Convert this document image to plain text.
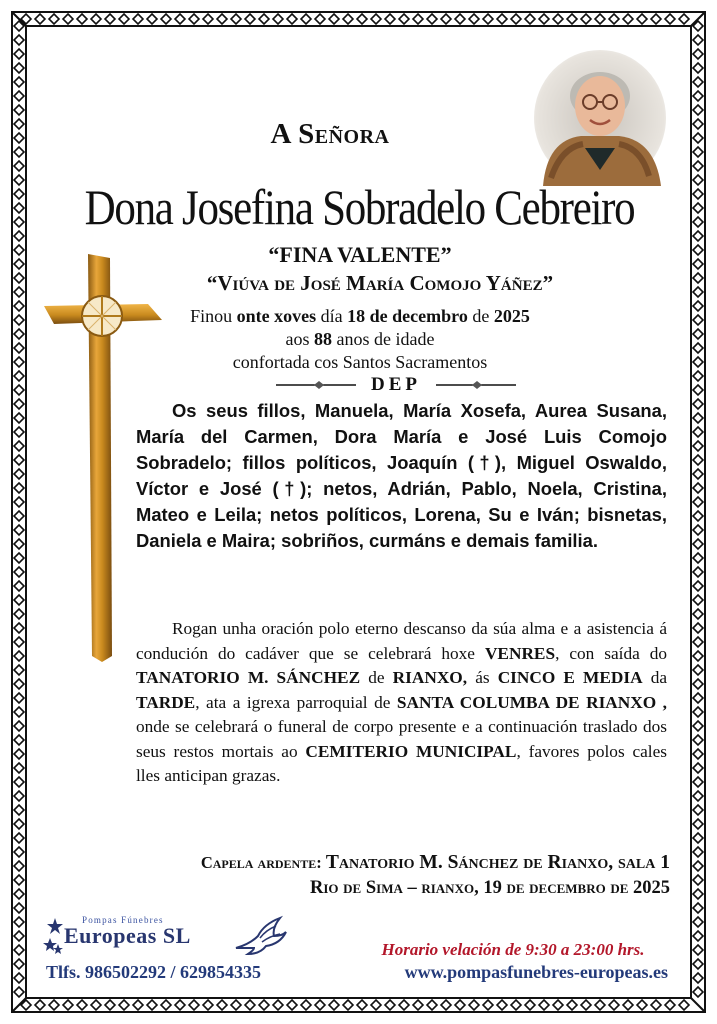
A Señora
Dona Josefina Sobradelo Cebreiro
“FINA VALENTE”
“Viúva de José María Comojo Yáñez”
Finou onte xoves día 18 de decembro de 2025
aos 88 anos de idade
confortada cos Santos Sacramentos
DEP
Os seus fillos, Manuela, María Xosefa, Aurea Susana, María del Carmen, Dora María e José Luis Comojo Sobradelo; fillos políticos, Joaquín (†), Miguel Oswaldo, Víctor e José (†); netos, Adrián, Pablo, Noela, Cristina, Mateo e Leila; netos políticos, Lorena, Su e Iván; bisnetas, Daniela e Maira; sobriños, curmáns e demais familia.
Rogan unha oración polo eterno descanso da súa alma e a asistencia á condución do cadáver que se celebrará hoxe VENRES, con saída do TANATORIO M. SÁNCHEZ de RIANXO, ás CINCO E MEDIA da TARDE, ata a igrexa parroquial de SANTA COLUMBA DE RIANXO , onde se celebrará o funeral de corpo presente e a continuación traslado dos seus restos mortais ao CEMITERIO MUNICIPAL, favores polos cales lles anticipan grazas.
Capela ardente: Tanatorio M. Sánchez de Rianxo, sala 1
Rio de Sima – rianxo, 19 de decembro de 2025
Pompas Fúnebres
Europeas SL
Tlfs. 986502292 / 629854335
Horario velación de 9:30 a 23:00 hrs.
www.pompasfunebres-europeas.es
